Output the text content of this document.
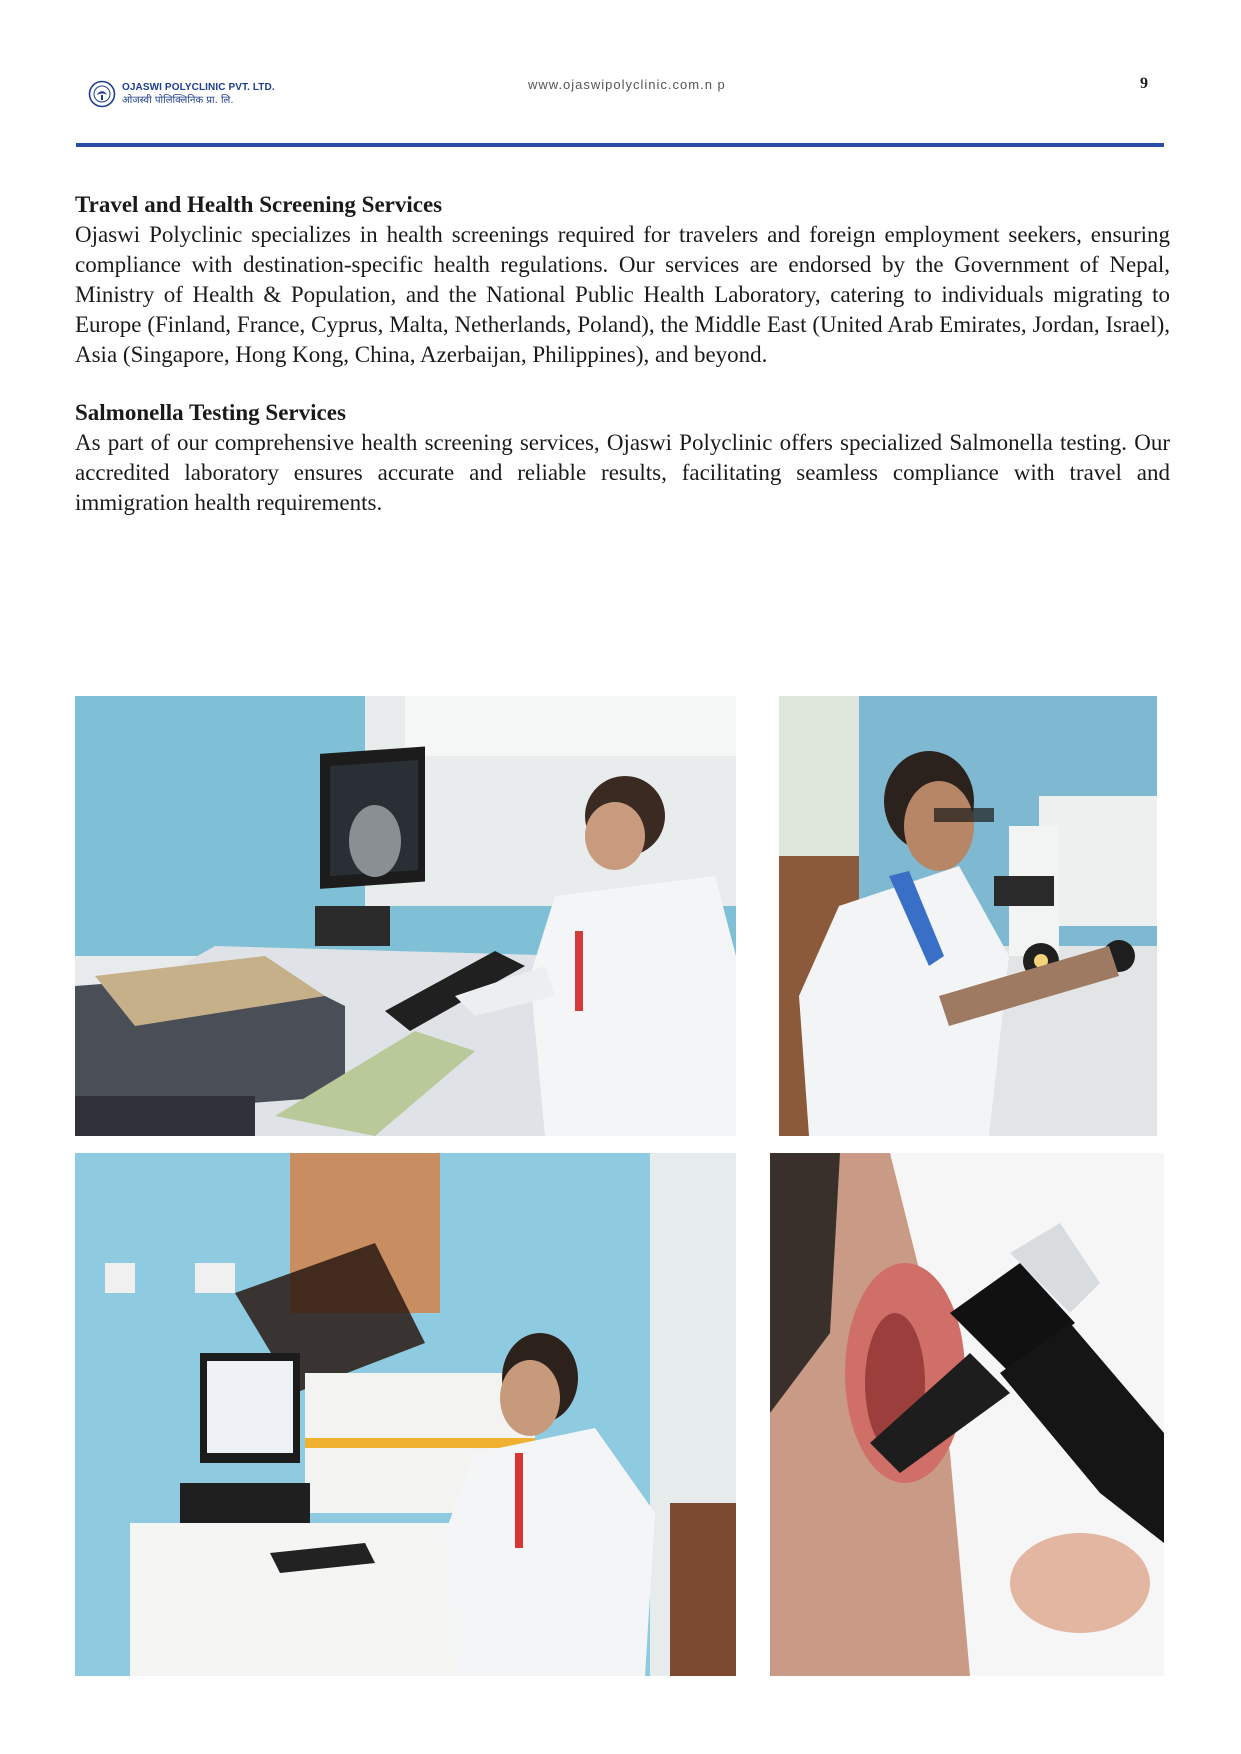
OJASWI POLYCLINIC PVT. LTD.
ओजस्वी पोलिक्लिनिक प्रा. लि.
www.ojaswipolyclinic.com.n p	9
Travel and Health Screening Services

Ojaswi Polyclinic specializes in health screenings required for travelers and foreign employment seekers, ensuring compliance with destination-specific health regulations. Our services are endorsed by the Government of Nepal, Ministry of Health & Population, and the National Public Health Laboratory, catering to individuals migrating to Europe (Finland, France, Cyprus, Malta, Netherlands, Poland), the Middle East (United Arab Emirates, Jordan, Israel), Asia (Singapore, Hong Kong, China, Azerbaijan, Philippines), and beyond.

Salmonella Testing Services

As part of our comprehensive health screening services, Ojaswi Polyclinic offers specialized Salmonella testing. Our accredited laboratory ensures accurate and reliable results, facilitating seamless compliance with travel and immigration health requirements.
